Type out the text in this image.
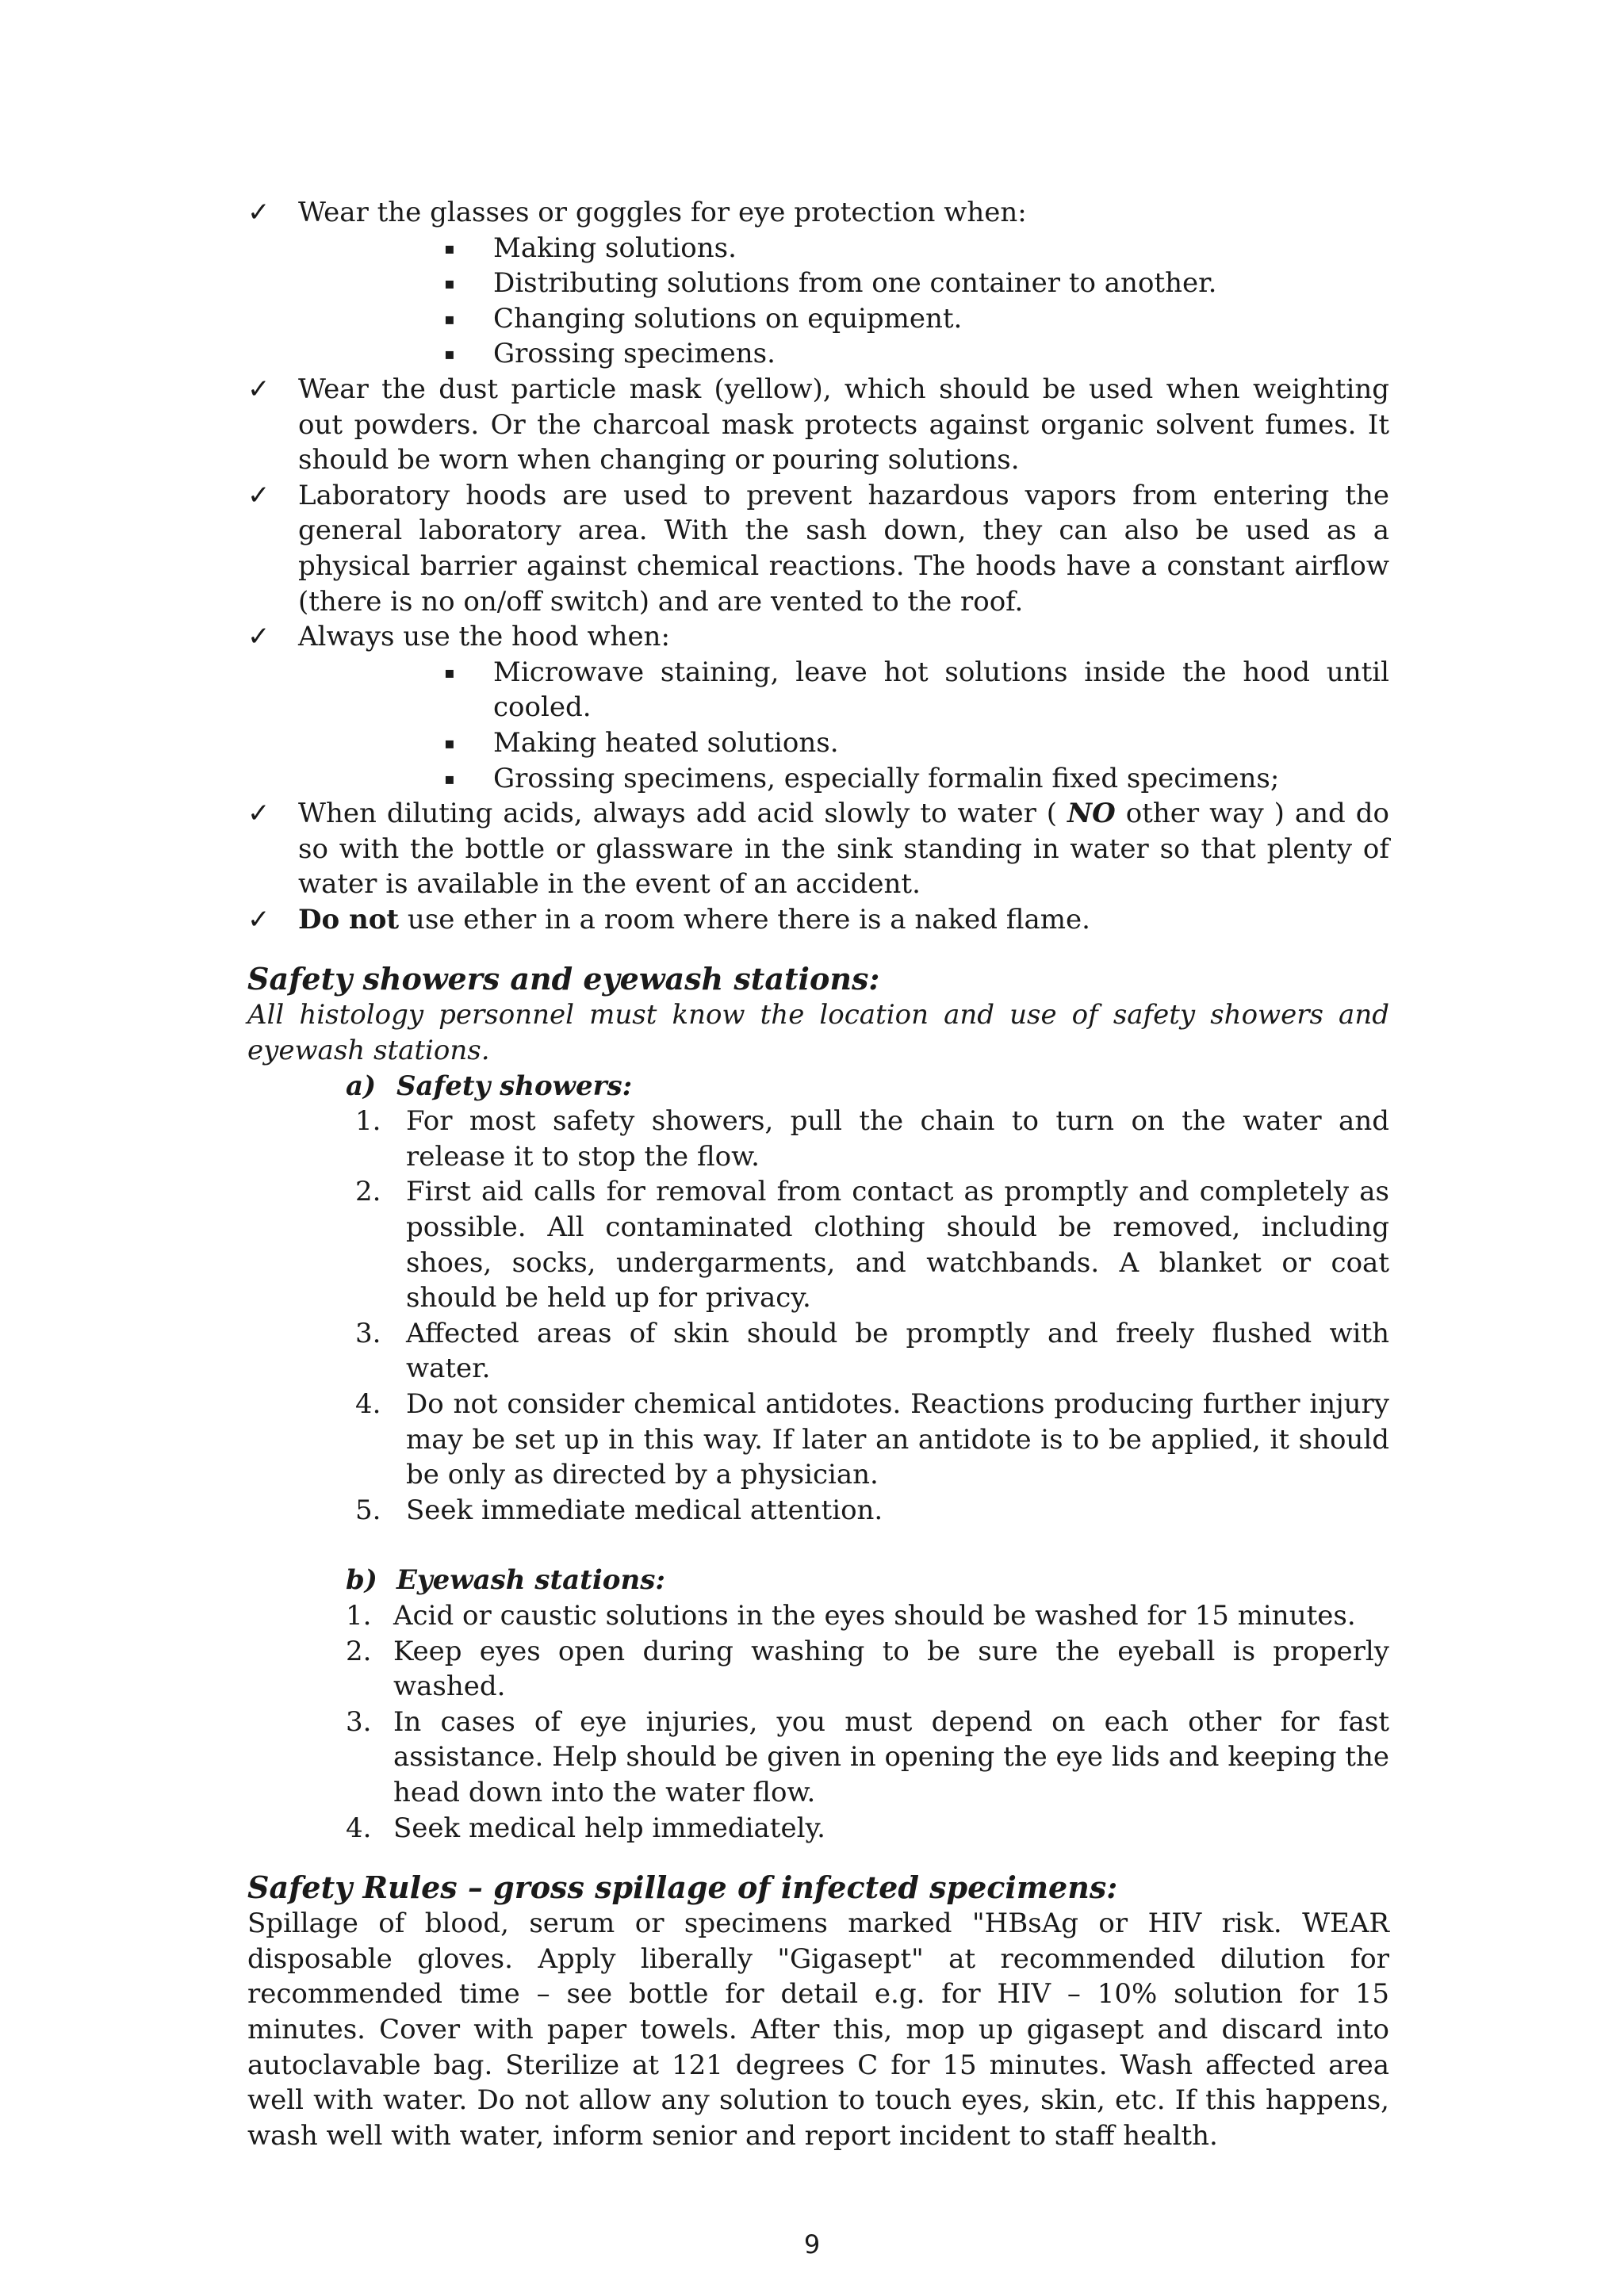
✓	Wear the glasses or goggles for eye protection when:
▪ Making solutions.
▪ Distributing solutions from one container to another.
▪ Changing solutions on equipment.
▪ Grossing specimens.
✓	Wear the dust particle mask (yellow), which should be used when weighting out powders. Or the charcoal mask protects against organic solvent fumes. It should be worn when changing or pouring solutions.
✓	Laboratory hoods are used to prevent hazardous vapors from entering the general laboratory area. With the sash down, they can also be used as a physical barrier against chemical reactions. The hoods have a constant airflow (there is no on/off switch) and are vented to the roof.
✓	Always use the hood when:
▪ Microwave staining, leave hot solutions inside the hood until cooled.
▪ Making heated solutions.
▪ Grossing specimens, especially formalin fixed specimens;
✓	When diluting acids, always add acid slowly to water ( NO other way ) and do so with the bottle or glassware in the sink standing in water so that plenty of water is available in the event of an accident.
✓	Do not use ether in a room where there is a naked flame.
Safety showers and eyewash stations:
All histology personnel must know the location and use of safety showers and eyewash stations.
a) Safety showers:
1. For most safety showers, pull the chain to turn on the water and release it to stop the flow.
2. First aid calls for removal from contact as promptly and completely as possible. All contaminated clothing should be removed, including shoes, socks, undergarments, and watchbands. A blanket or coat should be held up for privacy.
3. Affected areas of skin should be promptly and freely flushed with water.
4. Do not consider chemical antidotes. Reactions producing further injury may be set up in this way. If later an antidote is to be applied, it should be only as directed by a physician.
5. Seek immediate medical attention.
b) Eyewash stations:
1. Acid or caustic solutions in the eyes should be washed for 15 minutes.
2. Keep eyes open during washing to be sure the eyeball is properly washed.
3. In cases of eye injuries, you must depend on each other for fast assistance. Help should be given in opening the eye lids and keeping the head down into the water flow.
4. Seek medical help immediately.
Safety Rules – gross spillage of infected specimens:
Spillage of blood, serum or specimens marked "HBsAg or HIV risk. WEAR disposable gloves. Apply liberally "Gigasept" at recommended dilution for recommended time – see bottle for detail e.g. for HIV – 10% solution for 15 minutes. Cover with paper towels. After this, mop up gigasept and discard into autoclavable bag. Sterilize at 121 degrees C for 15 minutes. Wash affected area well with water. Do not allow any solution to touch eyes, skin, etc. If this happens, wash well with water, inform senior and report incident to staff health.
9
